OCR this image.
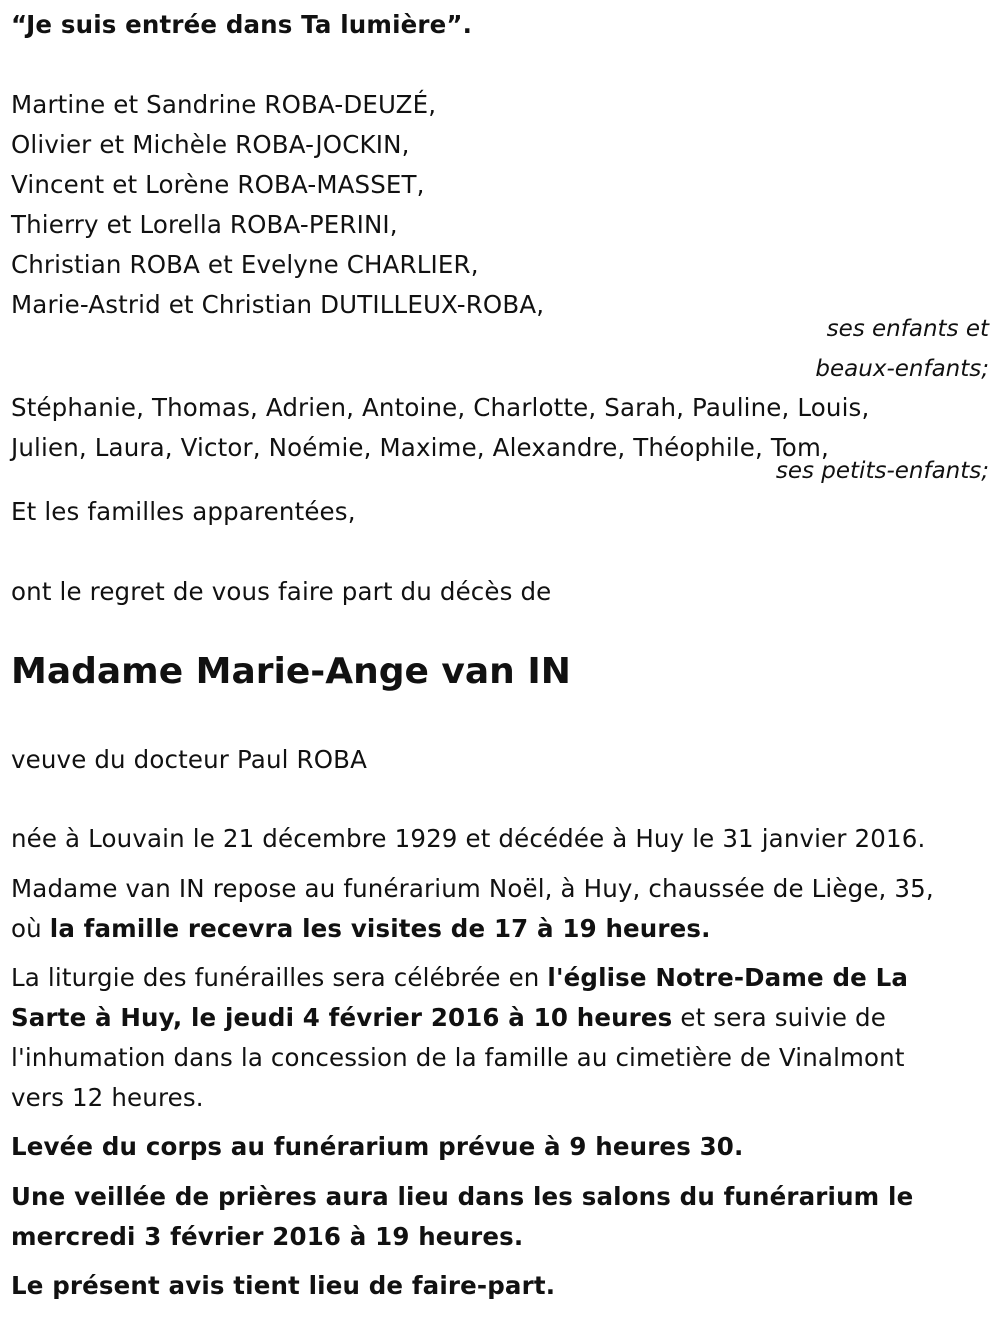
“Je suis entrée dans Ta lumière”.
Martine et Sandrine ROBA-DEUZÉ,
Olivier et Michèle ROBA-JOCKIN,
Vincent et Lorène ROBA-MASSET,
Thierry et Lorella ROBA-PERINI,
Christian ROBA et Evelyne CHARLIER,
Marie-Astrid et Christian DUTILLEUX-ROBA,
ses enfants et
beaux-enfants;
Stéphanie, Thomas, Adrien, Antoine, Charlotte, Sarah, Pauline, Louis,
Julien, Laura, Victor, Noémie, Maxime, Alexandre, Théophile, Tom,
ses petits-enfants;
Et les familles apparentées,
ont le regret de vous faire part du décès de
Madame Marie-Ange van IN
veuve du docteur Paul ROBA
née à Louvain le 21 décembre 1929 et décédée à Huy le 31 janvier 2016.
Madame van IN repose au funérarium Noël, à Huy, chaussée de Liège, 35,
où la famille recevra les visites de 17 à 19 heures.
La liturgie des funérailles sera célébrée en l'église Notre-Dame de La
Sarte à Huy, le jeudi 4 février 2016 à 10 heures et sera suivie de
l'inhumation dans la concession de la famille au cimetière de Vinalmont
vers 12 heures.
Levée du corps au funérarium prévue à 9 heures 30.
Une veillée de prières aura lieu dans les salons du funérarium le
mercredi 3 février 2016 à 19 heures.
Le présent avis tient lieu de faire-part.
